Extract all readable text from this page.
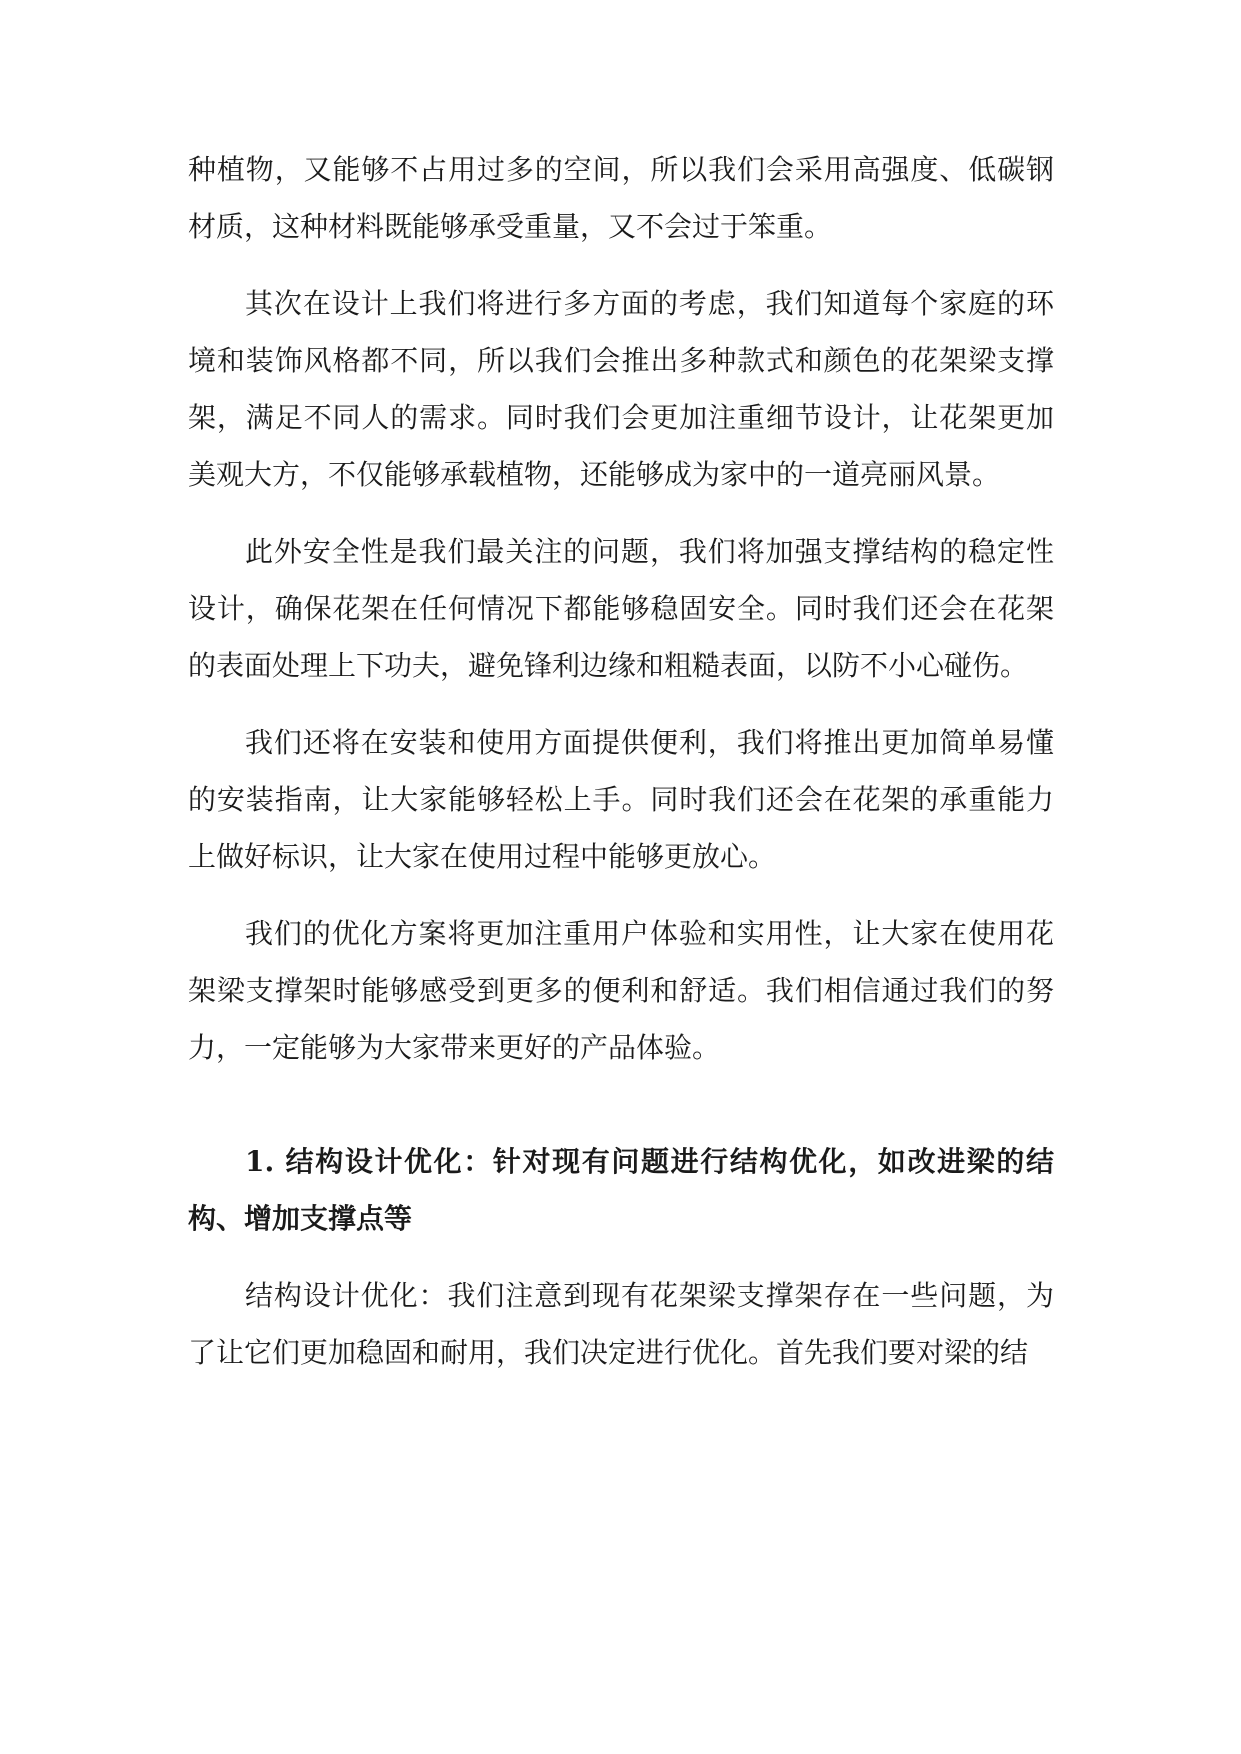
种植物，又能够不占用过多的空间，所以我们会采用高强度、低碳钢材质，这种材料既能够承受重量，又不会过于笨重。

其次在设计上我们将进行多方面的考虑，我们知道每个家庭的环境和装饰风格都不同，所以我们会推出多种款式和颜色的花架梁支撑架，满足不同人的需求。同时我们会更加注重细节设计，让花架更加美观大方，不仅能够承载植物，还能够成为家中的一道亮丽风景。

此外安全性是我们最关注的问题，我们将加强支撑结构的稳定性设计，确保花架在任何情况下都能够稳固安全。同时我们还会在花架的表面处理上下功夫，避免锋利边缘和粗糙表面，以防不小心碰伤。

我们还将在安装和使用方面提供便利，我们将推出更加简单易懂的安装指南，让大家能够轻松上手。同时我们还会在花架的承重能力上做好标识，让大家在使用过程中能够更放心。

我们的优化方案将更加注重用户体验和实用性，让大家在使用花架梁支撑架时能够感受到更多的便利和舒适。我们相信通过我们的努力，一定能够为大家带来更好的产品体验。

1. 结构设计优化：针对现有问题进行结构优化，如改进梁的结构、增加支撑点等

结构设计优化：我们注意到现有花架梁支撑架存在一些问题，为了让它们更加稳固和耐用，我们决定进行优化。首先我们要对梁的结
